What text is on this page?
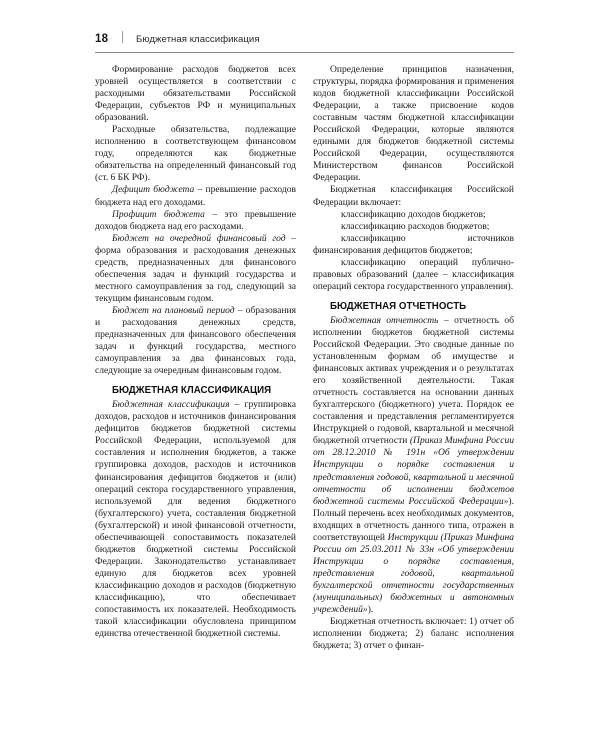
18	Бюджетная классификация

Формирование расходов бюджетов всех уровней осуществляется в соответствии с расходными обязательствами Российской Федерации, субъектов РФ и муниципальных образований.

Расходные обязательства, подлежащие исполнению в соответствующем финансовом году, определяются как бюджетные обязательства на определенный финансовый год (ст. 6 БК РФ).

Дефицит бюджета – превышение расходов бюджета над его доходами.

Профицит бюджета – это превышение доходов бюджета над его расходами.

Бюджет на очередной финансовый год – форма образования и расходования денежных средств, предназначенных для финансового обеспечения задач и функций государства и местного самоуправления за год, следующий за текущим финансовым годом.

Бюджет на плановый период – образования и расходования денежных средств, предназначенных для финансового обеспечения задач и функций государства, местного самоуправления за два финансовых года, следующие за очередным финансовым годом.

БЮДЖЕТНАЯ КЛАССИФИКАЦИЯ

Бюджетная классификация – группировка доходов, расходов и источников финансирования дефицитов бюджетов бюджетной системы Российской Федерации, используемой для составления и исполнения бюджетов, а также группировка доходов, расходов и источников финансирования дефицитов бюджетов и (или) операций сектора государственного управления, используемой для ведения бюджетного (бухгалтерского) учета, составления бюджетной (бухгалтерской) и иной финансовой отчетности, обеспечивающей сопоставимость показателей бюджетов бюджетной системы Российской Федерации. Законодательство устанавливает единую для бюджетов всех уровней классификацию доходов и расходов (бюджетную классификацию), что обеспечивает сопоставимость их показателей. Необходимость такой классификации обусловлена принципом единства отечественной бюджетной системы.

Определение принципов назначения, структуры, порядка формирования и применения кодов бюджетной классификации Российской Федерации, а также присвоение кодов составным частям бюджетной классификации Российской Федерации, которые являются едиными для бюджетов бюджетной системы Российской Федерации, осуществляются Министерством финансов Российской Федерации.

Бюджетная классификация Российской Федерации включает:

классификацию доходов бюджетов;

классификацию расходов бюджетов;

классификацию источников финансирования дефицитов бюджетов;

классификацию операций публично-правовых образований (далее – классификация операций сектора государственного управления).

БЮДЖЕТНАЯ ОТЧЕТНОСТЬ

Бюджетная отчетность – отчетность об исполнении бюджетов бюджетной системы Российской Федерации. Это сводные данные по установленным формам об имуществе и финансовых активах учреждения и о результатах его хозяйственной деятельности. Такая отчетность составляется на основании данных бухгалтерского (бюджетного) учета. Порядок ее составления и представления регламентируется Инструкцией о годовой, квартальной и месячной бюджетной отчетности (Приказ Минфина России от 28.12.2010 № 191н «Об утверждении Инструкции о порядке составления и представления годовой, квартальной и месячной отчетности об исполнении бюджетов бюджетной системы Российской Федерации»). Полный перечень всех необходимых документов, входящих в отчетность данного типа, отражен в соответствующей Инструкции (Приказ Минфина России от 25.03.2011 № 33н «Об утверждении Инструкции о порядке составления, представления годовой, квартальной бухгалтерской отчетности государственных (муниципальных) бюджетных и автономных учреждений»).

Бюджетная отчетность включает: 1) отчет об исполнении бюджета; 2) баланс исполнения бюджета; 3) отчет о финан-
